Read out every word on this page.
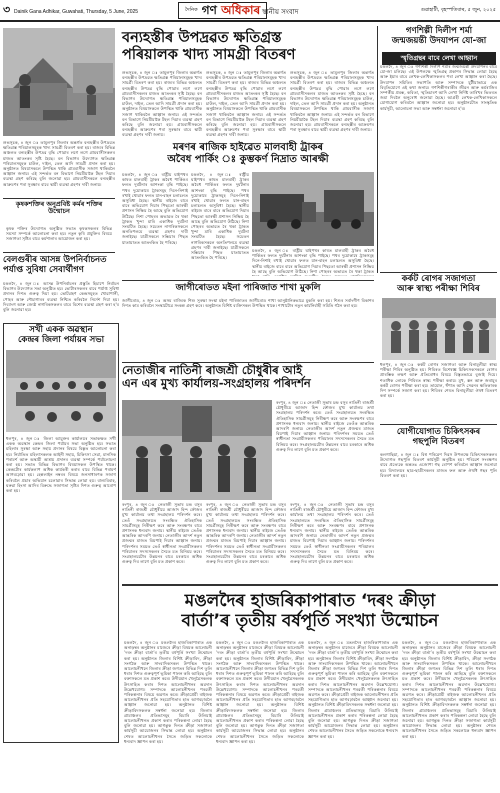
৩ Dainik Gana Adhikar, Guwahati, Thursday, 5 June, 2025	$^{দৈনিক}$ গণ অধিকাৰ স্থানীয় সংবাদ	গুৱাহাটী, বৃহস্পতিবাৰ, ৫ জুন, ২০২৫
বন্যহস্তীৰ উপদ্ৰৱত ক্ষতিগ্ৰস্ত
পৰিয়ালক খাদ্য সামগ্ৰী বিতৰণ
শুভসূচক, ৪ জুন ঃ তামুলপুৰ জিলাৰ অন্তৰ্গত বন্যহস্তীৰ উপদ্ৰৱত ক্ষতিগ্ৰস্ত পৰিয়ালসমূহক খাদ্য সামগ্ৰী বিতৰণ কৰা হয়। ৰাজ্যৰ বিভিন্ন অঞ্চলত বন্যহস্তীৰ উপদ্ৰৱ বৃদ্ধি পোৱাৰ লগে লগে গ্ৰামবাসীসকলৰ মাজত আতংকৰ সৃষ্টি হৈছে। বন বিভাগৰ উদ্যোগত ক্ষতিগ্ৰস্ত পৰিয়ালসমূহক চাউল, দাইল, তেল আদি সামগ্ৰী প্ৰদান কৰা হয়। অনুষ্ঠানত বিষয়াসকলে উপস্থিত থাকি গ্ৰামবাসীক সজাগ থাকিবলৈ আহ্বান জনায়। এই সন্দৰ্ভত বন বিভাগে নিয়মীয়াকৈ টহল দিয়াৰ ব্যৱস্থা গ্ৰহণ কৰিছে বুলি জনোৱা হয়। গ্ৰামবাসীসকলে বন্যহস্তীৰ আক্ৰমণৰ পৰা সুৰক্ষাৰ বাবে স্থায়ী ব্যৱস্থা গ্ৰহণৰ দাবী জনায়।
শুভসূচক, ৪ জুন ঃ তামুলপুৰ জিলাৰ অন্তৰ্গত বন্যহস্তীৰ উপদ্ৰৱত ক্ষতিগ্ৰস্ত পৰিয়ালসমূহক খাদ্য সামগ্ৰী বিতৰণ কৰা হয়। ৰাজ্যৰ বিভিন্ন অঞ্চলত বন্যহস্তীৰ উপদ্ৰৱ বৃদ্ধি পোৱাৰ লগে লগে গ্ৰামবাসীসকলৰ মাজত আতংকৰ সৃষ্টি হৈছে। বন বিভাগৰ উদ্যোগত ক্ষতিগ্ৰস্ত পৰিয়ালসমূহক চাউল, দাইল, তেল আদি সামগ্ৰী প্ৰদান কৰা হয়। অনুষ্ঠানত বিষয়াসকলে উপস্থিত থাকি গ্ৰামবাসীক সজাগ থাকিবলৈ আহ্বান জনায়। এই সন্দৰ্ভত বন বিভাগে নিয়মীয়াকৈ টহল দিয়াৰ ব্যৱস্থা গ্ৰহণ কৰিছে বুলি জনোৱা হয়। গ্ৰামবাসীসকলে বন্যহস্তীৰ আক্ৰমণৰ পৰা সুৰক্ষাৰ বাবে স্থায়ী ব্যৱস্থা গ্ৰহণৰ দাবী জনায়।
শুভসূচক, ৪ জুন ঃ তামুলপুৰ জিলাৰ অন্তৰ্গত বন্যহস্তীৰ উপদ্ৰৱত ক্ষতিগ্ৰস্ত পৰিয়ালসমূহক খাদ্য সামগ্ৰী বিতৰণ কৰা হয়। ৰাজ্যৰ বিভিন্ন অঞ্চলত বন্যহস্তীৰ উপদ্ৰৱ বৃদ্ধি পোৱাৰ লগে লগে গ্ৰামবাসীসকলৰ মাজত আতংকৰ সৃষ্টি হৈছে। বন বিভাগৰ উদ্যোগত ক্ষতিগ্ৰস্ত পৰিয়ালসমূহক চাউল, দাইল, তেল আদি সামগ্ৰী প্ৰদান কৰা হয়। অনুষ্ঠানত বিষয়াসকলে উপস্থিত থাকি গ্ৰামবাসীক সজাগ থাকিবলৈ আহ্বান জনায়। এই সন্দৰ্ভত বন বিভাগে নিয়মীয়াকৈ টহল দিয়াৰ ব্যৱস্থা গ্ৰহণ কৰিছে বুলি জনোৱা হয়। গ্ৰামবাসীসকলে বন্যহস্তীৰ আক্ৰমণৰ পৰা সুৰক্ষাৰ বাবে স্থায়ী ব্যৱস্থা গ্ৰহণৰ দাবী জনায়।
শুভসূচক, ৪ জুন ঃ তামুলপুৰ জিলাৰ অন্তৰ্গত বন্যহস্তীৰ উপদ্ৰৱত ক্ষতিগ্ৰস্ত পৰিয়ালসমূহক খাদ্য সামগ্ৰী বিতৰণ কৰা হয়। ৰাজ্যৰ বিভিন্ন অঞ্চলত বন্যহস্তীৰ উপদ্ৰৱ বৃদ্ধি পোৱাৰ লগে লগে গ্ৰামবাসীসকলৰ মাজত আতংকৰ সৃষ্টি হৈছে। বন বিভাগৰ উদ্যোগত ক্ষতিগ্ৰস্ত পৰিয়ালসমূহক চাউল, দাইল, তেল আদি সামগ্ৰী প্ৰদান কৰা হয়। অনুষ্ঠানত বিষয়াসকলে উপস্থিত থাকি গ্ৰামবাসীক সজাগ থাকিবলৈ আহ্বান জনায়। এই সন্দৰ্ভত বন বিভাগে নিয়মীয়াকৈ টহল দিয়াৰ ব্যৱস্থা গ্ৰহণ কৰিছে বুলি জনোৱা হয়। গ্ৰামবাসীসকলে বন্যহস্তীৰ আক্ৰমণৰ পৰা সুৰক্ষাৰ বাবে স্থায়ী ব্যৱস্থা গ্ৰহণৰ দাবী জনায়।
গণশিল্পী দিলীপ শৰ্মা
জন্মজয়ন্তী উদযাপন যো-জা
স্মৃতিগ্ৰন্থৰ বাবে লেখা আহ্বান
মঙলদৈ, ৪ জুন ঃ গণশিল্পী দিলীপ শৰ্মাৰ জন্মজয়ন্তী উদযাপনৰ বাবে যো-জা চলিছে। এই উপলক্ষে স্মৃতিগ্ৰন্থ প্ৰকাশৰ সিদ্ধান্ত লোৱা হৈছে আৰু ইয়াৰ বাবে লেখক-লেখিকাসকলৰ পৰা লেখা আহ্বান কৰা হৈছে। উদযাপন সমিতিৰ সভাপতি আৰু সম্পাদকে যুটীয়াভাৱে এক বিবৃতিযোগে এই কথা জনায়। গণশিল্পীগৰাকীৰ জীৱন আৰু কৰ্মৰাজিৰ সম্পৰ্কীয় প্ৰবন্ধ, কবিতা, স্মৃতিচাৰণ আদি লেখা নিৰ্দিষ্ট তাৰিখৰ ভিতৰত জমা দিবলৈ অনুৰোধ জনোৱা হৈছে। আগ্ৰহী লেখক-লেখিকাসকলে যোগাযোগ কৰিবলৈ আহ্বান জনোৱা হয়। অনুষ্ঠানটোত সাংস্কৃতিক কাৰ্যসূচী, আলোচনা সভা আৰু সম্বৰ্ধনা জনোৱা হ'ব।
কৃষকশক্তিৰ অনুপ্ৰবিষ্ট কৰ্মৰ শক্তিৰ উন্মোচন
কৃষক শক্তিৰ উদ্যোগত অনুষ্ঠিত সভাত কৃষকসকলৰ বিভিন্ন সমস্যা সম্পৰ্কে আলোচনা কৰা হয়। নতুন কৃষি প্ৰযুক্তিৰ বিষয়ে সজাগতা সৃষ্টিৰ বাবে কৰ্মশালাৰ আয়োজন কৰা হয়।
বেলগুৰীৰ আসন্ন উপনিৰ্বাচনত
পৰ্যাপ্ত সুবিধা সেবাৰ্থীগণ
মঙলদৈ, ৪ জুন ঃ আসন্ন উপনিৰ্বাচনৰ প্ৰস্তুতি হিচাপে নিৰ্বাচন বিভাগৰ উদ্যোগত সভা অনুষ্ঠিত হয়। ভোটাৰসকলৰ বাবে পৰ্যাপ্ত সুবিধা প্ৰদানৰ দিশত গুৰুত্ব দিয়া হয়। ভোটগ্ৰহণ কেন্দ্ৰসমূহত খোৱাপানী, পোহৰ আৰু শৌচাগাৰৰ ব্যৱস্থা নিশ্চিত কৰিবলৈ নিৰ্দেশ দিয়া হয়। দিব্যাংগ আৰু জ্যেষ্ঠ নাগৰিকসকলৰ বাবে বিশেষ ব্যৱস্থা গ্ৰহণ কৰা হ'ব বুলি জনোৱা হয়।
মৰণৰ ৰাজিক হাইৱেত মালবাহী ট্ৰাকৰ
অবৈধ পাৰ্কিং ঃ কুম্ভকৰ্ণ নিদ্ৰাত আৰক্ষী
মঙলদৈ, ৪ জুন ঃ ৰাষ্ট্ৰীয় ঘাইপথৰ কাষত মালবাহী ট্ৰাকৰ অবৈধ পাৰ্কিঙৰ ফলত দুৰ্ঘটনাৰ আশংকা বৃদ্ধি পাইছে। পথৰ দুয়োকাষে ট্ৰাকসমূহ দিনে-নিশাই ৰখাই থোৱাৰ ফলত যান-বাহন চলাচলত অসুবিধা হৈছে। স্থানীয় ৰাইজে বাৰে বাৰে অভিযোগ দিয়াৰ পিছতো আৰক্ষী প্ৰশাসন নিষ্ক্ৰিয় হৈ আছে বুলি অভিযোগ উঠিছে। নিশা পোহৰৰ অভাৱত ৰৈ থকা ট্ৰাকত খুন্দা মাৰি একাধিক দুৰ্ঘটনা সংঘটিত হৈছে। সচেতন নাগৰিকসকলে অনতিপলমে ব্যৱস্থা গ্ৰহণৰ দাবী জনাইছে। যাত্ৰীসকলে সন্ধিয়াৰ পিছত যাতায়াতত আতংকিত হৈ পৰিছে।
মঙলদৈ, ৪ জুন ঃ ৰাষ্ট্ৰীয় ঘাইপথৰ কাষত মালবাহী ট্ৰাকৰ অবৈধ পাৰ্কিঙৰ ফলত দুৰ্ঘটনাৰ আশংকা বৃদ্ধি পাইছে। পথৰ দুয়োকাষে ট্ৰাকসমূহ দিনে-নিশাই ৰখাই থোৱাৰ ফলত যান-বাহন চলাচলত অসুবিধা হৈছে। স্থানীয় ৰাইজে বাৰে বাৰে অভিযোগ দিয়াৰ পিছতো আৰক্ষী প্ৰশাসন নিষ্ক্ৰিয় হৈ আছে বুলি অভিযোগ উঠিছে। নিশা পোহৰৰ অভাৱত ৰৈ থকা ট্ৰাকত খুন্দা মাৰি একাধিক দুৰ্ঘটনা সংঘটিত হৈছে। সচেতন নাগৰিকসকলে অনতিপলমে ব্যৱস্থা গ্ৰহণৰ দাবী জনাইছে। যাত্ৰীসকলে সন্ধিয়াৰ পিছত যাতায়াতত আতংকিত হৈ পৰিছে।
মঙলদৈ, ৪ জুন ঃ ৰাষ্ট্ৰীয় ঘাইপথৰ কাষত মালবাহী ট্ৰাকৰ অবৈধ পাৰ্কিঙৰ ফলত দুৰ্ঘটনাৰ আশংকা বৃদ্ধি পাইছে। পথৰ দুয়োকাষে ট্ৰাকসমূহ দিনে-নিশাই ৰখাই থোৱাৰ ফলত যান-বাহন চলাচলত অসুবিধা হৈছে। স্থানীয় ৰাইজে বাৰে বাৰে অভিযোগ দিয়াৰ পিছতো আৰক্ষী প্ৰশাসন নিষ্ক্ৰিয় হৈ আছে বুলি অভিযোগ উঠিছে। নিশা পোহৰৰ অভাৱত ৰৈ থকা ট্ৰাকত
কৰ্কট ৰোগৰ সজাগতা
আৰু স্বাস্থ্য পৰীক্ষা শিবিৰ
ধলপুৰ, ৪ জুন ঃ কৰ্কট ৰোগৰ সজাগতা আৰু বিনামূলীয়া স্বাস্থ্য পৰীক্ষা শিবিৰ অনুষ্ঠিত হয়। শিবিৰত বিশেষজ্ঞ চিকিৎসকসকলে ৰোগৰ প্ৰাৰম্ভিক লক্ষণ আৰু প্ৰতিৰোধৰ বিষয়ে বিস্তৃতভাৱে বুজাই দিয়ে। শতাধিক লোকে শিবিৰত স্বাস্থ্য পৰীক্ষা কৰায়। মুখ, স্তন আৰু জৰায়ুৰ কৰ্কট ৰোগৰ পৰীক্ষা কৰা হয়। তামোল, ধঁপাত আদি সেৱনৰ ক্ষতিকাৰক দিশ সম্পৰ্কে সজাগ কৰা হয়। শিবিৰৰ শেষত বিনামূলীয়া ঔষধ বিতৰণ কৰা হয়।
সখী একক অৱস্থান
কেন্দ্ৰৰ জিলা পৰ্যায়ৰ সভা
ধলপুৰ, ৪ জুন ঃ জিলা আয়ুক্তৰ কাৰ্যালয়ৰ সভাকক্ষত সখী একক অৱস্থান কেন্দ্ৰৰ জিলা পৰ্যায়ৰ সভা অনুষ্ঠিত হয়। সভাত মহিলাৰ সুৰক্ষা আৰু সহায় প্ৰদানৰ বিষয়ে বিস্তৃত আলোচনা কৰা হয়। নিৰ্যাতিত মহিলাসকলক আইনী সহায়, চিকিৎসা সেৱা, মানসিক পৰামৰ্শ আৰু অস্থায়ী আশ্ৰয় প্ৰদানৰ ব্যৱস্থা সম্পৰ্কে পৰ্যালোচনা কৰা হয়। সভাত বিভিন্ন বিভাগৰ বিষয়াসকল উপস্থিত থাকে। কেন্দ্ৰটোৰ কাৰ্যকলাপ অধিক কাৰ্যকৰী কৰাৰ বাবে বিভিন্ন পৰামৰ্শ আগবঢ়োৱা হয়। হেল্পলাইন নম্বৰৰ বিষয়ে জনসাধাৰণক সজাগ কৰিবলৈ প্ৰচাৰ অভিযান চলোৱাৰ সিদ্ধান্ত লোৱা হয়। বাল্যবিবাহ, ঘৰুৱা হিংসা আদিৰ বিৰুদ্ধে সজাগতা সৃষ্টিৰ দিশত গুৰুত্ব আৰোপ কৰা হয়।
জাগীৰোডত মইনা পাৰিজাত শাখা মুকলি
জাগীৰোড, ৪ জুন ঃ অসম ৰাজ্যিক শিশু সুৰক্ষা সংস্থা মইনা পাৰিজাতৰ জাগীৰোড শাখা আনুষ্ঠানিকভাৱে মুকলি কৰা হয়। শিশুৰ সৰ্বাংগীণ বিকাশৰ দিশত কাম কৰিবলৈ সংস্থাটোৱে সংকল্প গ্ৰহণ কৰে। অনুষ্ঠানত বিশিষ্ট ব্যক্তিসকল উপস্থিত থাকে। শাখাটোৰ নতুন কাৰ্যনিৰ্বাহী সমিতি গঠন কৰা হয়।
নেতাজীৰ নাতিনী ৰাজশ্ৰী চৌধুৰীৰ আই
এন এৰ মুখ্য কাৰ্যালয়-সংগ্ৰহালয় পৰিদৰ্শন
ৰংপুৰ, ৪ জুন ঃ নেতাজী সুভাষ চন্দ্ৰ বসুৰ নাতিনী ৰাজশ্ৰী চৌধুৰীয়ে আজাদ হিন্দ ফৌজৰ মুখ্য কাৰ্যালয় তথা সংগ্ৰহালয় পৰিদৰ্শন কৰে। তেওঁ সংগ্ৰহালয়ত সংৰক্ষিত ঐতিহাসিক সামগ্ৰীসমূহ নিৰীক্ষণ কৰে আৰু সংৰক্ষণৰ বাবে প্ৰশাসনক ধন্যবাদ জনায়। স্থানীয় ৰাইজে তেওঁক আন্তৰিক আদৰণি জনায়। নেতাজীৰ আদৰ্শ নতুন প্ৰজন্মৰ মাজত বিয়পাই দিয়াৰ আহ্বান জনায়। পৰিদৰ্শনৰ সময়ত তেওঁ স্বাধীনতা সংগ্ৰামীসকলৰ পৰিয়ালৰ সদস্যসকলৰ সৈতে মত বিনিময় কৰে। সংগ্ৰহালয়টোৰ উন্নয়নৰ বাবে চৰকাৰে অধিক গুৰুত্ব দিব লাগে বুলি মত প্ৰকাশ কৰে।
ৰংপুৰ, ৪ জুন ঃ নেতাজী সুভাষ চন্দ্ৰ বসুৰ নাতিনী ৰাজশ্ৰী চৌধুৰীয়ে আজাদ হিন্দ ফৌজৰ মুখ্য কাৰ্যালয় তথা সংগ্ৰহালয় পৰিদৰ্শন কৰে। তেওঁ সংগ্ৰহালয়ত সংৰক্ষিত ঐতিহাসিক সামগ্ৰীসমূহ নিৰীক্ষণ কৰে আৰু সংৰক্ষণৰ বাবে প্ৰশাসনক ধন্যবাদ জনায়। স্থানীয় ৰাইজে তেওঁক আন্তৰিক আদৰণি জনায়। নেতাজীৰ আদৰ্শ নতুন প্ৰজন্মৰ মাজত বিয়পাই দিয়াৰ আহ্বান জনায়। পৰিদৰ্শনৰ সময়ত তেওঁ স্বাধীনতা সংগ্ৰামীসকলৰ পৰিয়ালৰ সদস্যসকলৰ সৈতে মত বিনিময় কৰে। সংগ্ৰহালয়টোৰ উন্নয়নৰ বাবে চৰকাৰে অধিক গুৰুত্ব দিব লাগে বুলি মত প্ৰকাশ কৰে।
ৰংপুৰ, ৪ জুন ঃ নেতাজী সুভাষ চন্দ্ৰ বসুৰ নাতিনী ৰাজশ্ৰী চৌধুৰীয়ে আজাদ হিন্দ ফৌজৰ মুখ্য কাৰ্যালয় তথা সংগ্ৰহালয় পৰিদৰ্শন কৰে। তেওঁ সংগ্ৰহালয়ত সংৰক্ষিত ঐতিহাসিক সামগ্ৰীসমূহ নিৰীক্ষণ কৰে আৰু সংৰক্ষণৰ বাবে প্ৰশাসনক ধন্যবাদ জনায়। স্থানীয় ৰাইজে তেওঁক আন্তৰিক আদৰণি জনায়। নেতাজীৰ আদৰ্শ নতুন প্ৰজন্মৰ মাজত বিয়পাই দিয়াৰ আহ্বান জনায়। পৰিদৰ্শনৰ সময়ত তেওঁ স্বাধীনতা সংগ্ৰামীসকলৰ পৰিয়ালৰ সদস্যসকলৰ সৈতে মত বিনিময় কৰে। সংগ্ৰহালয়টোৰ উন্নয়নৰ বাবে চৰকাৰে অধিক গুৰুত্ব দিব লাগে বুলি মত প্ৰকাশ কৰে।
ৰংপুৰ, ৪ জুন ঃ নেতাজী সুভাষ চন্দ্ৰ বসুৰ নাতিনী ৰাজশ্ৰী চৌধুৰীয়ে আজাদ হিন্দ ফৌজৰ মুখ্য কাৰ্যালয় তথা সংগ্ৰহালয় পৰিদৰ্শন কৰে। তেওঁ সংগ্ৰহালয়ত সংৰক্ষিত ঐতিহাসিক সামগ্ৰীসমূহ নিৰীক্ষণ কৰে আৰু সংৰক্ষণৰ বাবে প্ৰশাসনক ধন্যবাদ জনায়। স্থানীয় ৰাইজে তেওঁক আন্তৰিক আদৰণি জনায়। নেতাজীৰ আদৰ্শ নতুন প্ৰজন্মৰ মাজত বিয়পাই দিয়াৰ আহ্বান জনায়। পৰিদৰ্শনৰ সময়ত তেওঁ স্বাধীনতা সংগ্ৰামীসকলৰ পৰিয়ালৰ সদস্যসকলৰ সৈতে মত বিনিময় কৰে। সংগ্ৰহালয়টোৰ উন্নয়নৰ বাবে চৰকাৰে অধিক গুৰুত্ব দিব লাগে বুলি মত প্ৰকাশ কৰে।
যোগীযোগাত চিকিৎসকৰ
গছপুলি বিতৰণ
কলগাছিয়া, ৪ জুন ঃ বিশ্ব পৰিৱেশ দিৱস উপলক্ষে চিকিৎসকসকলৰ উদ্যোগত গছপুলি বিতৰণ কাৰ্যসূচী অনুষ্ঠিত হয়। পৰিৱেশ সংৰক্ষণৰ বাবে প্ৰত্যেকে অন্ততঃ এজোপা গছ ৰোপণ কৰিবলৈ আহ্বান জনোৱা হয়। বিদ্যালয়ৰ ছাত্ৰ-ছাত্ৰীসকলৰ মাজত ফল আৰু ঔষধি গছৰ পুলি বিতৰণ কৰা হয়।
মঙলদৈৰ হাজৰিকাপাৰাত ‘দৰং ক্ৰীড়া
বাৰ্তা’ৰ তৃতীয় বৰ্ষপূৰ্তি সংখ্যা উন্মোচন
মঙলদৈ, ৪ জুন ঃ মঙলদৈৰ হাজৰিকাপাৰাত এক অনাড়ম্বৰ অনুষ্ঠানৰ মাজেৰে ক্ৰীড়া বিষয়ক আলোচনী ‘দৰং ক্ৰীড়া বাৰ্তা’ৰ তৃতীয় বৰ্ষপূৰ্তি সংখ্যা উন্মোচন কৰা হয়। অনুষ্ঠানত জিলাৰ বিশিষ্ট ক্ৰীড়াবিদ, ক্ৰীড়া সংগঠক আৰু সাংবাদিকসকল উপস্থিত থাকে। আলোচনীখনে জিলাৰ ক্ৰীড়া জগতৰ বিভিন্ন দিশ তুলি ধৰাৰ দিশত গুৰুত্বপূৰ্ণ ভূমিকা পালন কৰি আহিছে বুলি বক্তাসকলে মত প্ৰকাশ কৰে। উদীয়মান খেলুৱৈসকলক উৎসাহিত কৰাৰ দিশত আলোচনীখনৰ অৱদান উল্লেখযোগ্য। সম্পাদকে আলোচনীখনৰ পৰৱৰ্তী পৰিকল্পনাৰ বিষয়ে অৱগত কৰে। ক্ৰীড়াপ্ৰেমী ৰাইজক আলোচনীখনৰ প্ৰতি সহযোগিতাৰ হাত আগবঢ়াবলৈ আহ্বান জনোৱা হয়। অনুষ্ঠানত বিশিষ্ট ক্ৰীড়াবিদসকলক সম্বৰ্ধনা জনোৱা হয়। জিলাৰ গ্ৰামাঞ্চলৰ প্ৰতিভাসমূহ বিচাৰি উলিয়াই আলোচনীখনত প্ৰকাশ কৰাৰ পৰিকল্পনা লোৱা হৈছে বুলি জনোৱা হয়। আগন্তুক দিনত ক্ৰীড়া সজাগতা কাৰ্যসূচী আয়োজনৰ সিদ্ধান্ত লোৱা হয়। অনুষ্ঠানৰ শেষত আলোচনীখনৰ সৈতে জড়িত সকলোকে ধন্যবাদ জ্ঞাপন কৰা হয়।
মঙলদৈ, ৪ জুন ঃ মঙলদৈৰ হাজৰিকাপাৰাত এক অনাড়ম্বৰ অনুষ্ঠানৰ মাজেৰে ক্ৰীড়া বিষয়ক আলোচনী ‘দৰং ক্ৰীড়া বাৰ্তা’ৰ তৃতীয় বৰ্ষপূৰ্তি সংখ্যা উন্মোচন কৰা হয়। অনুষ্ঠানত জিলাৰ বিশিষ্ট ক্ৰীড়াবিদ, ক্ৰীড়া সংগঠক আৰু সাংবাদিকসকল উপস্থিত থাকে। আলোচনীখনে জিলাৰ ক্ৰীড়া জগতৰ বিভিন্ন দিশ তুলি ধৰাৰ দিশত গুৰুত্বপূৰ্ণ ভূমিকা পালন কৰি আহিছে বুলি বক্তাসকলে মত প্ৰকাশ কৰে। উদীয়মান খেলুৱৈসকলক উৎসাহিত কৰাৰ দিশত আলোচনীখনৰ অৱদান উল্লেখযোগ্য। সম্পাদকে আলোচনীখনৰ পৰৱৰ্তী পৰিকল্পনাৰ বিষয়ে অৱগত কৰে। ক্ৰীড়াপ্ৰেমী ৰাইজক আলোচনীখনৰ প্ৰতি সহযোগিতাৰ হাত আগবঢ়াবলৈ আহ্বান জনোৱা হয়। অনুষ্ঠানত বিশিষ্ট ক্ৰীড়াবিদসকলক সম্বৰ্ধনা জনোৱা হয়। জিলাৰ গ্ৰামাঞ্চলৰ প্ৰতিভাসমূহ বিচাৰি উলিয়াই আলোচনীখনত প্ৰকাশ কৰাৰ পৰিকল্পনা লোৱা হৈছে বুলি জনোৱা হয়। আগন্তুক দিনত ক্ৰীড়া সজাগতা কাৰ্যসূচী আয়োজনৰ সিদ্ধান্ত লোৱা হয়। অনুষ্ঠানৰ শেষত আলোচনীখনৰ সৈতে জড়িত সকলোকে ধন্যবাদ জ্ঞাপন কৰা হয়।
মঙলদৈ, ৪ জুন ঃ মঙলদৈৰ হাজৰিকাপাৰাত এক অনাড়ম্বৰ অনুষ্ঠানৰ মাজেৰে ক্ৰীড়া বিষয়ক আলোচনী ‘দৰং ক্ৰীড়া বাৰ্তা’ৰ তৃতীয় বৰ্ষপূৰ্তি সংখ্যা উন্মোচন কৰা হয়। অনুষ্ঠানত জিলাৰ বিশিষ্ট ক্ৰীড়াবিদ, ক্ৰীড়া সংগঠক আৰু সাংবাদিকসকল উপস্থিত থাকে। আলোচনীখনে জিলাৰ ক্ৰীড়া জগতৰ বিভিন্ন দিশ তুলি ধৰাৰ দিশত গুৰুত্বপূৰ্ণ ভূমিকা পালন কৰি আহিছে বুলি বক্তাসকলে মত প্ৰকাশ কৰে। উদীয়মান খেলুৱৈসকলক উৎসাহিত কৰাৰ দিশত আলোচনীখনৰ অৱদান উল্লেখযোগ্য। সম্পাদকে আলোচনীখনৰ পৰৱৰ্তী পৰিকল্পনাৰ বিষয়ে অৱগত কৰে। ক্ৰীড়াপ্ৰেমী ৰাইজক আলোচনীখনৰ প্ৰতি সহযোগিতাৰ হাত আগবঢ়াবলৈ আহ্বান জনোৱা হয়। অনুষ্ঠানত বিশিষ্ট ক্ৰীড়াবিদসকলক সম্বৰ্ধনা জনোৱা হয়। জিলাৰ গ্ৰামাঞ্চলৰ প্ৰতিভাসমূহ বিচাৰি উলিয়াই আলোচনীখনত প্ৰকাশ কৰাৰ পৰিকল্পনা লোৱা হৈছে বুলি জনোৱা হয়। আগন্তুক দিনত ক্ৰীড়া সজাগতা কাৰ্যসূচী আয়োজনৰ সিদ্ধান্ত লোৱা হয়। অনুষ্ঠানৰ শেষত আলোচনীখনৰ সৈতে জড়িত সকলোকে ধন্যবাদ জ্ঞাপন কৰা হয়।
মঙলদৈ, ৪ জুন ঃ মঙলদৈৰ হাজৰিকাপাৰাত এক অনাড়ম্বৰ অনুষ্ঠানৰ মাজেৰে ক্ৰীড়া বিষয়ক আলোচনী ‘দৰং ক্ৰীড়া বাৰ্তা’ৰ তৃতীয় বৰ্ষপূৰ্তি সংখ্যা উন্মোচন কৰা হয়। অনুষ্ঠানত জিলাৰ বিশিষ্ট ক্ৰীড়াবিদ, ক্ৰীড়া সংগঠক আৰু সাংবাদিকসকল উপস্থিত থাকে। আলোচনীখনে জিলাৰ ক্ৰীড়া জগতৰ বিভিন্ন দিশ তুলি ধৰাৰ দিশত গুৰুত্বপূৰ্ণ ভূমিকা পালন কৰি আহিছে বুলি বক্তাসকলে মত প্ৰকাশ কৰে। উদীয়মান খেলুৱৈসকলক উৎসাহিত কৰাৰ দিশত আলোচনীখনৰ অৱদান উল্লেখযোগ্য। সম্পাদকে আলোচনীখনৰ পৰৱৰ্তী পৰিকল্পনাৰ বিষয়ে অৱগত কৰে। ক্ৰীড়াপ্ৰেমী ৰাইজক আলোচনীখনৰ প্ৰতি সহযোগিতাৰ হাত আগবঢ়াবলৈ আহ্বান জনোৱা হয়। অনুষ্ঠানত বিশিষ্ট ক্ৰীড়াবিদসকলক সম্বৰ্ধনা জনোৱা হয়। জিলাৰ গ্ৰামাঞ্চলৰ প্ৰতিভাসমূহ বিচাৰি উলিয়াই আলোচনীখনত প্ৰকাশ কৰাৰ পৰিকল্পনা লোৱা হৈছে বুলি জনোৱা হয়। আগন্তুক দিনত ক্ৰীড়া সজাগতা কাৰ্যসূচী আয়োজনৰ সিদ্ধান্ত লোৱা হয়। অনুষ্ঠানৰ শেষত আলোচনীখনৰ সৈতে জড়িত সকলোকে ধন্যবাদ জ্ঞাপন কৰা হয়।
